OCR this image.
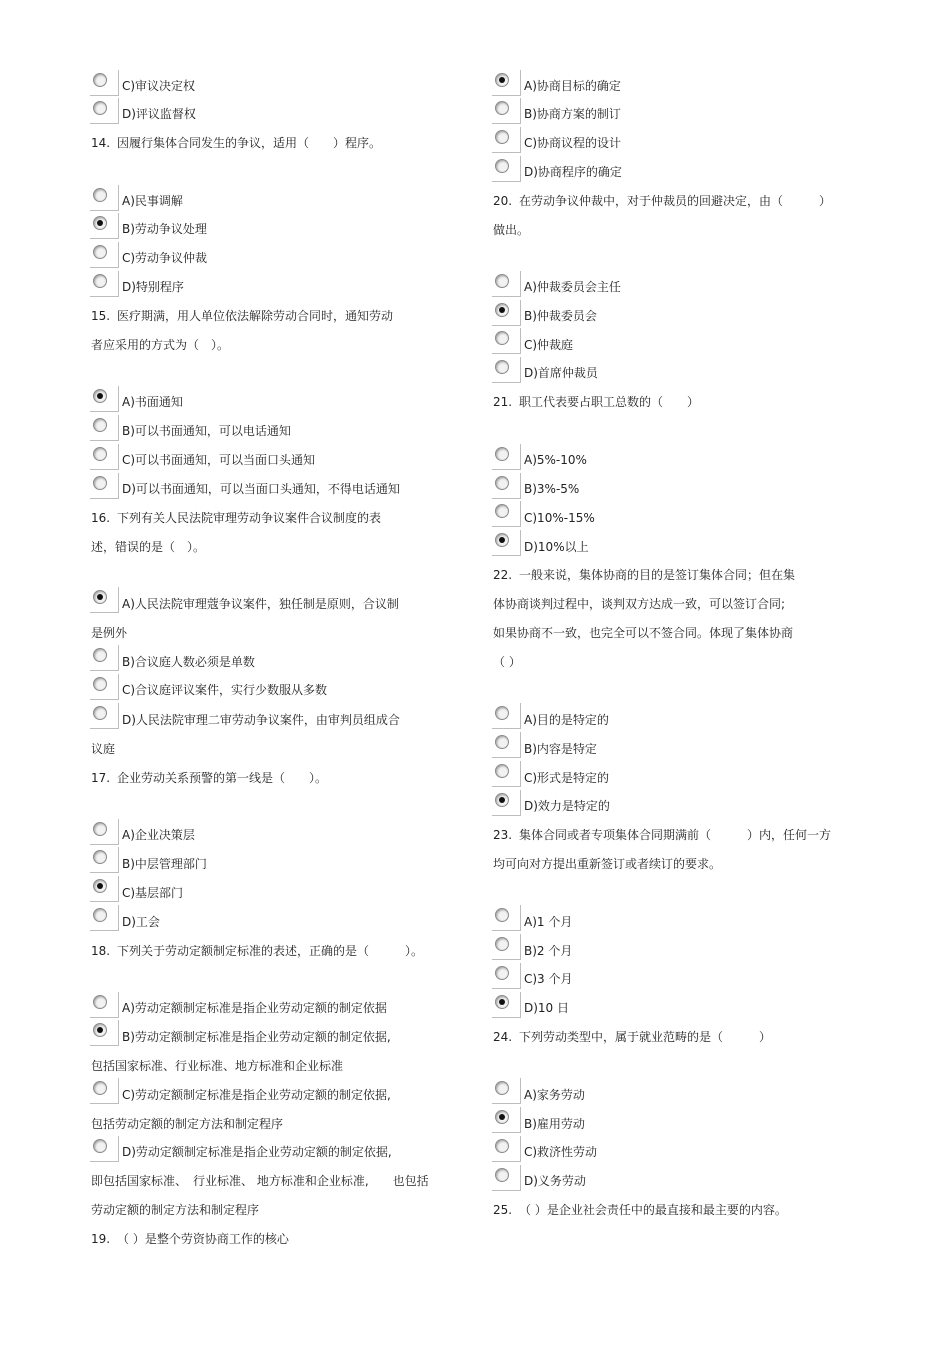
C)审议决定权
D)评议监督权
14. 因履行集体合同发生的争议，适用（　　）程序。
A)民事调解
B)劳动争议处理
C)劳动争议仲裁
D)特别程序
15. 医疗期满，用人单位依法解除劳动合同时，通知劳动
者应采用的方式为（　）。
A)书面通知
B)可以书面通知，可以电话通知
C)可以书面通知，可以当面口头通知
D)可以书面通知，可以当面口头通知，不得电话通知
16. 下列有关人民法院审理劳动争议案件合议制度的表
述，错误的是（　）。
A)人民法院审理蔻争议案件，独任制是原则，合议制
是例外
B)合议庭人数必须是单数
C)合议庭评议案件，实行少数服从多数
D)人民法院审理二审劳动争议案件，由审判员组成合
议庭
17. 企业劳动关系预警的第一线是（　　）。
A)企业决策层
B)中层管理部门
C)基层部门
D)工会
18. 下列关于劳动定额制定标准的表述，正确的是（　　　）。
A)劳动定额制定标准是指企业劳动定额的制定依据
B)劳动定额制定标准是指企业劳动定额的制定依据,
包括国家标准、行业标准、地方标准和企业标准
C)劳动定额制定标准是指企业劳动定额的制定依据,
包括劳动定额的制定方法和制定程序
D)劳动定额制定标准是指企业劳动定额的制定依据,
即包括国家标准、　行业标准、 地方标准和企业标准,　　也包括
劳动定额的制定方法和制定程序
19. （ ）是整个劳资协商工作的核心
A)协商目标的确定
B)协商方案的制订
C)协商议程的设计
D)协商程序的确定
20. 在劳动争议仲裁中，对于仲裁员的回避决定，由（　　　）
做出。
A)仲裁委员会主任
B)仲裁委员会
C)仲裁庭
D)首席仲裁员
21. 职工代表要占职工总数的（　　）
A)5%-10%
B)3%-5%
C)10%-15%
D)10%以上
22. 一般来说，集体协商的目的是签订集体合同；但在集
体协商谈判过程中，谈判双方达成一致，可以签订合同;
如果协商不一致，也完全可以不签合同。体现了集体协商
（ ）
A)目的是特定的
B)内容是特定
C)形式是特定的
D)效力是特定的
23. 集体合同或者专项集体合同期满前（　　　）内，任何一方
均可向对方提出重新签订或者续订的要求。
A)1 个月
B)2 个月
C)3 个月
D)10 日
24. 下列劳动类型中，属于就业范畴的是（　　　）
A)家务劳动
B)雇用劳动
C)救济性劳动
D)义务劳动
25. （ ）是企业社会责任中的最直接和最主要的内容。
